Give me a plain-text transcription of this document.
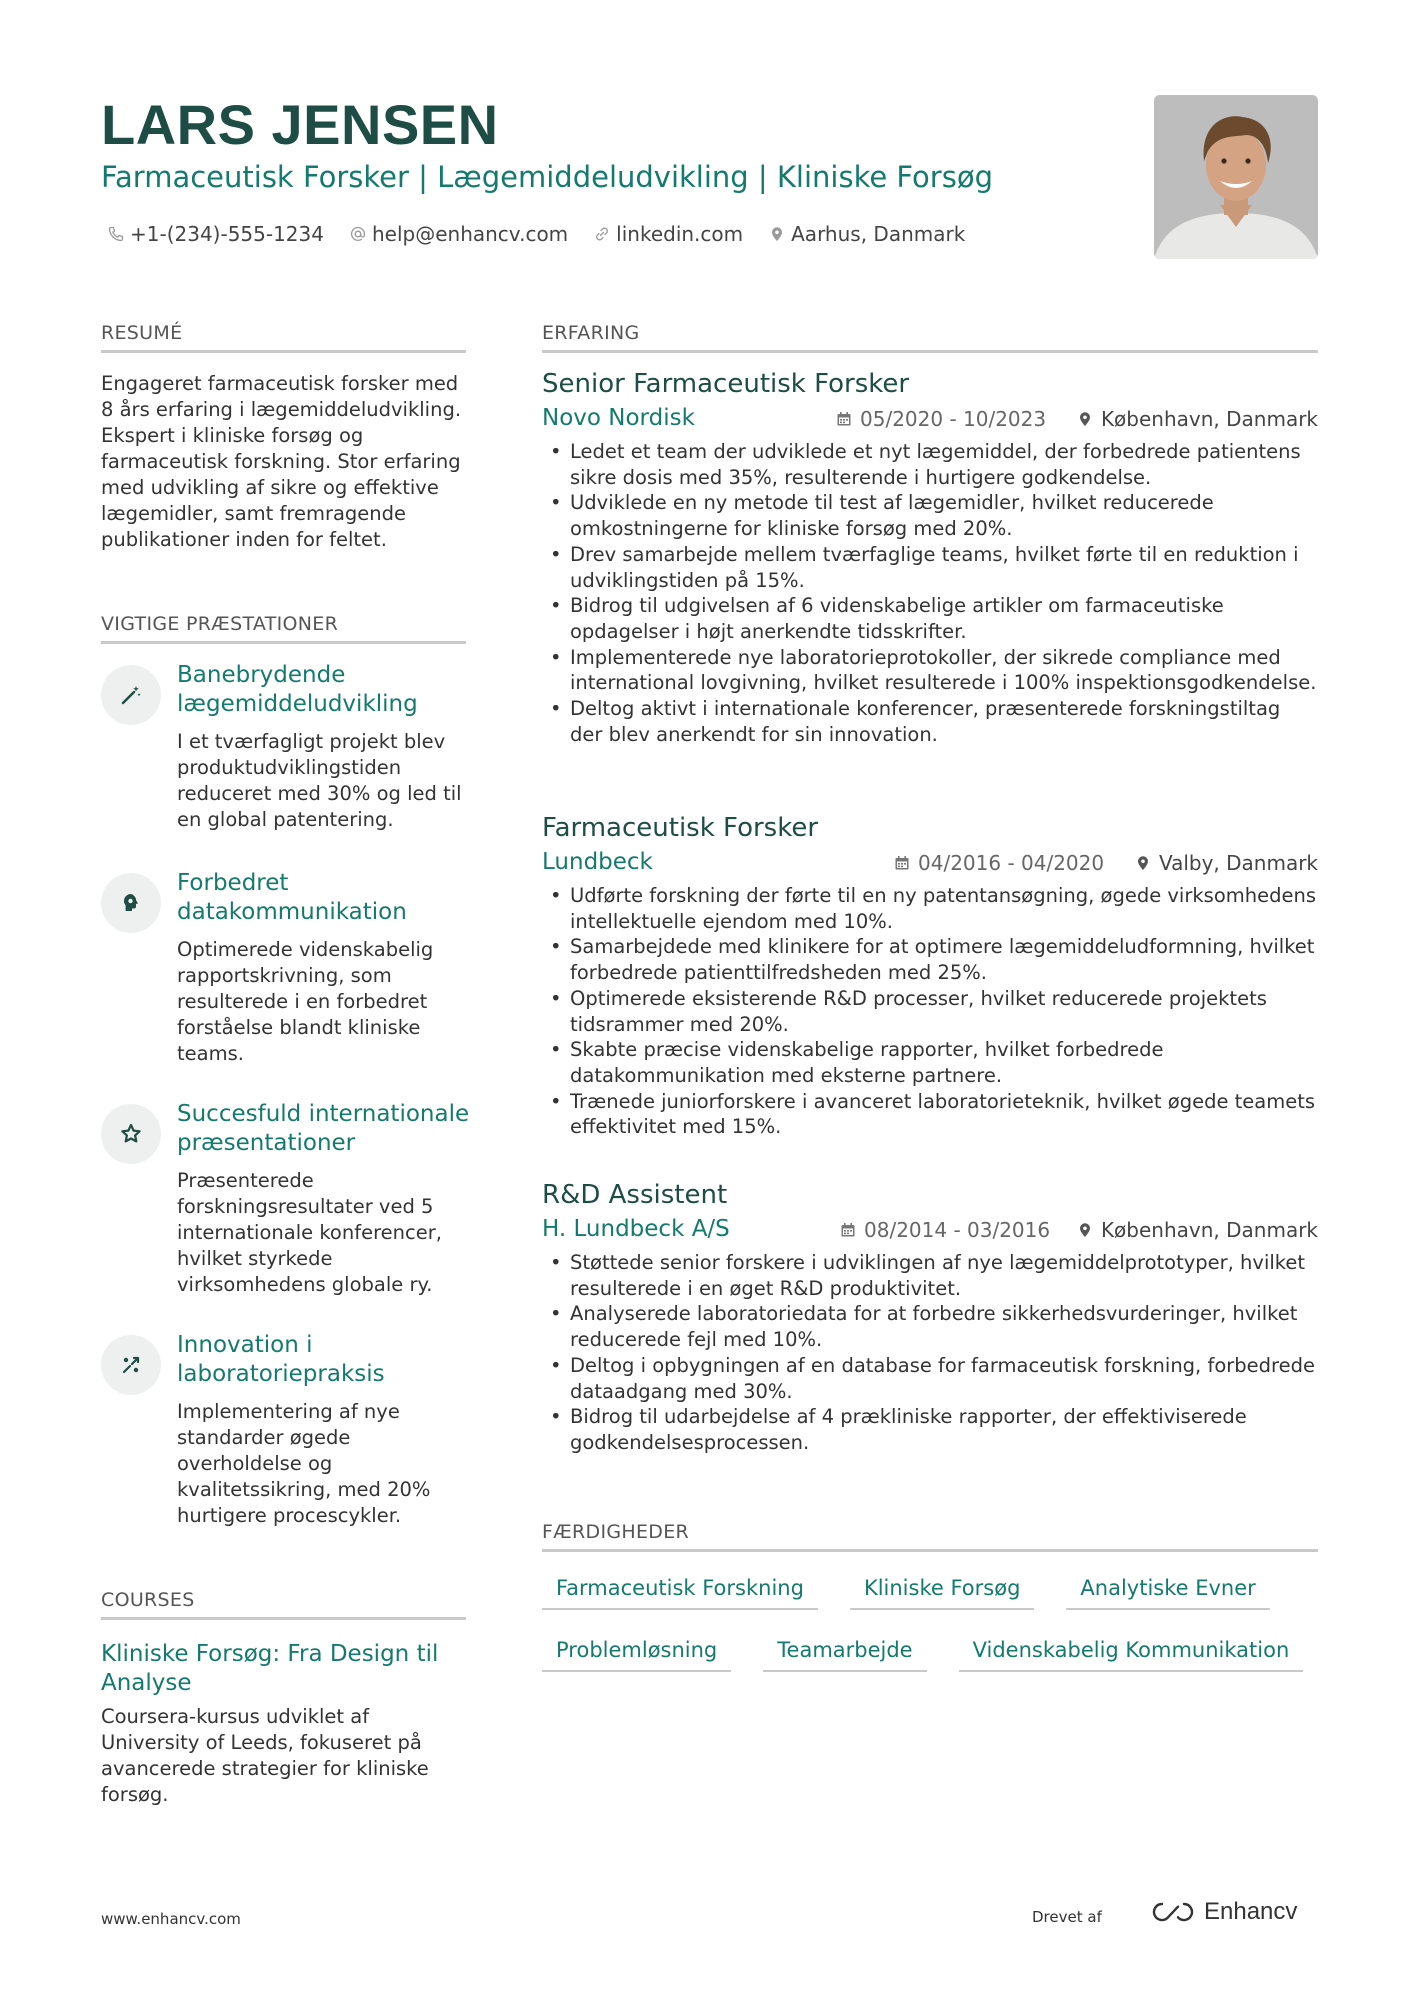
LARS JENSEN
Farmaceutisk Forsker | Lægemiddeludvikling | Kliniske Forsøg
+1-(234)-555-1234 help@enhancv.com linkedin.com Aarhus, Danmark
RESUMÉ
Engageret farmaceutisk forsker med 8 års erfaring i lægemiddeludvikling. Ekspert i kliniske forsøg og farmaceutisk forskning. Stor erfaring med udvikling af sikre og effektive lægemidler, samt fremragende publikationer inden for feltet.
VIGTIGE PRÆSTATIONER
Banebrydende lægemiddeludvikling
I et tværfagligt projekt blev produktudviklingstiden reduceret med 30% og led til en global patentering.
Forbedret datakommunikation
Optimerede videnskabelig rapportskrivning, som resulterede i en forbedret forståelse blandt kliniske teams.
Succesfuld internationale præsentationer
Præsenterede forskningsresultater ved 5 internationale konferencer, hvilket styrkede virksomhedens globale ry.
Innovation i laboratoriepraksis
Implementering af nye standarder øgede overholdelse og kvalitetssikring, med 20% hurtigere procescykler.
COURSES
Kliniske Forsøg: Fra Design til Analyse
Coursera-kursus udviklet af University of Leeds, fokuseret på avancerede strategier for kliniske forsøg.
ERFARING
Senior Farmaceutisk Forsker
Novo Nordisk	05/2020 - 10/2023	København, Danmark
• Ledet et team der udviklede et nyt lægemiddel, der forbedrede patientens sikre dosis med 35%, resulterende i hurtigere godkendelse.
• Udviklede en ny metode til test af lægemidler, hvilket reducerede omkostningerne for kliniske forsøg med 20%.
• Drev samarbejde mellem tværfaglige teams, hvilket førte til en reduktion i udviklingstiden på 15%.
• Bidrog til udgivelsen af 6 videnskabelige artikler om farmaceutiske opdagelser i højt anerkendte tidsskrifter.
• Implementerede nye laboratorieprotokoller, der sikrede compliance med international lovgivning, hvilket resulterede i 100% inspektionsgodkendelse.
• Deltog aktivt i internationale konferencer, præsenterede forskningstiltag der blev anerkendt for sin innovation.
Farmaceutisk Forsker
Lundbeck	04/2016 - 04/2020	Valby, Danmark
• Udførte forskning der førte til en ny patentansøgning, øgede virksomhedens intellektuelle ejendom med 10%.
• Samarbejdede med klinikere for at optimere lægemiddeludformning, hvilket forbedrede patienttilfredsheden med 25%.
• Optimerede eksisterende R&D processer, hvilket reducerede projektets tidsrammer med 20%.
• Skabte præcise videnskabelige rapporter, hvilket forbedrede datakommunikation med eksterne partnere.
• Trænede juniorforskere i avanceret laboratorieteknik, hvilket øgede teamets effektivitet med 15%.
R&D Assistent
H. Lundbeck A/S	08/2014 - 03/2016	København, Danmark
• Støttede senior forskere i udviklingen af nye lægemiddelprototyper, hvilket resulterede i en øget R&D produktivitet.
• Analyserede laboratoriedata for at forbedre sikkerhedsvurderinger, hvilket reducerede fejl med 10%.
• Deltog i opbygningen af en database for farmaceutisk forskning, forbedrede dataadgang med 30%.
• Bidrog til udarbejdelse af 4 prækliniske rapporter, der effektiviserede godkendelsesprocessen.
FÆRDIGHEDER
Farmaceutisk Forskning	Kliniske Forsøg	Analytiske Evner
Problemløsning	Teamarbejde	Videnskabelig Kommunikation
www.enhancv.com	Drevet af	Enhancv
